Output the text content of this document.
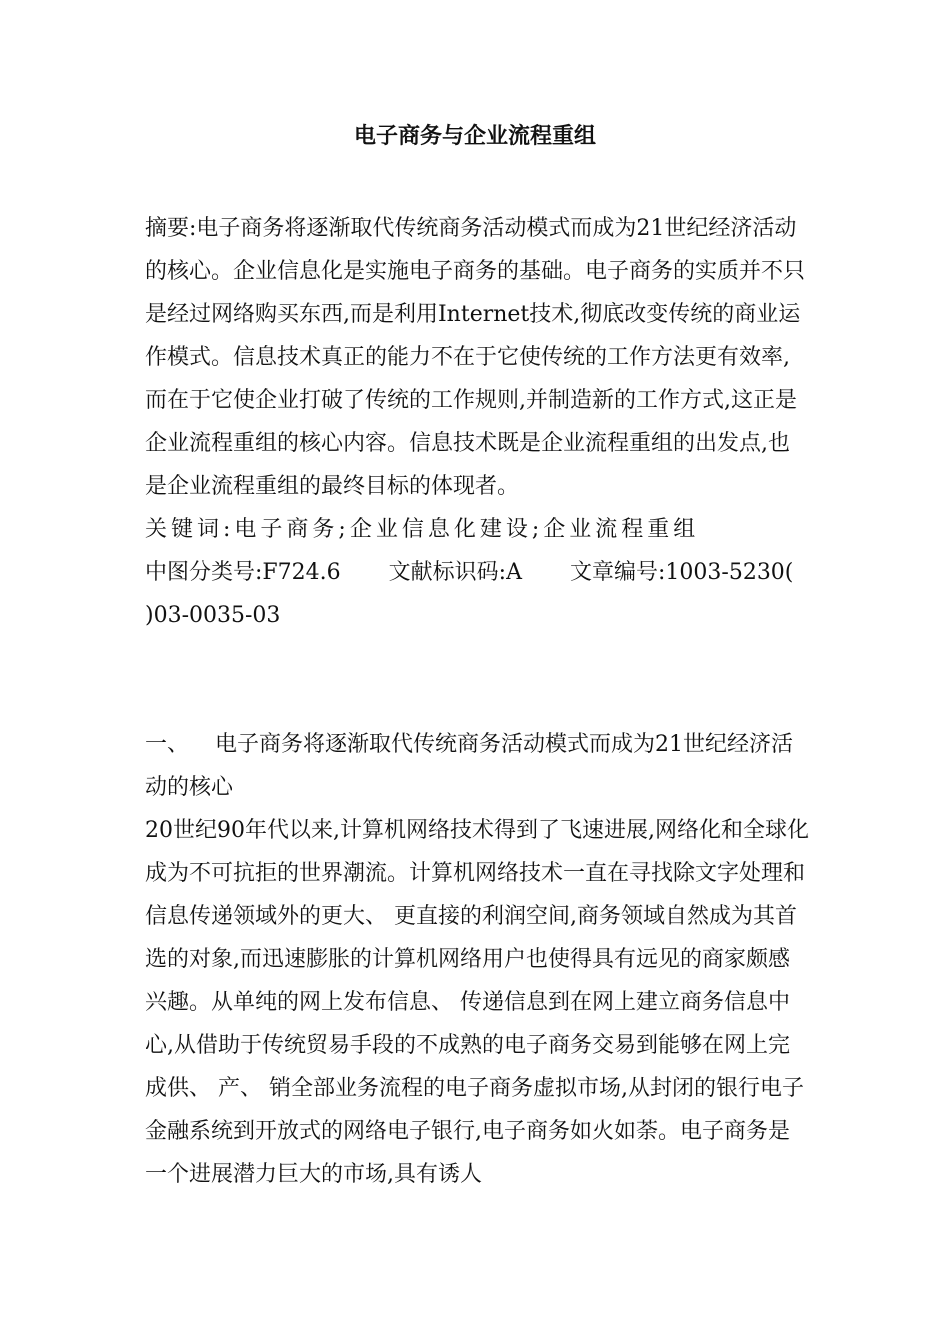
电子商务与企业流程重组

摘要:电子商务将逐渐取代传统商务活动模式而成为21世纪经济活动的核心。企业信息化是实施电子商务的基础。电子商务的实质并不只是经过网络购买东西,而是利用Internet技术,彻底改变传统的商业运作模式。信息技术真正的能力不在于它使传统的工作方法更有效率,而在于它使企业打破了传统的工作规则,并制造新的工作方式,这正是企业流程重组的核心内容。信息技术既是企业流程重组的出发点,也是企业流程重组的最终目标的体现者。

关键词:电子商务;企业信息化建设;企业流程重组

中图分类号:F724.6 文献标识码:A 文章编号:1003-5230(

)03-0035-03

一、 电子商务将逐渐取代传统商务活动模式而成为21世纪经济活动的核心

20世纪90年代以来,计算机网络技术得到了飞速进展,网络化和全球化成为不可抗拒的世界潮流。计算机网络技术一直在寻找除文字处理和信息传递领域外的更大、 更直接的利润空间,商务领域自然成为其首选的对象,而迅速膨胀的计算机网络用户也使得具有远见的商家颇感兴趣。从单纯的网上发布信息、 传递信息到在网上建立商务信息中心,从借助于传统贸易手段的不成熟的电子商务交易到能够在网上完成供、 产、 销全部业务流程的电子商务虚拟市场,从封闭的银行电子金融系统到开放式的网络电子银行,电子商务如火如荼。电子商务是一个进展潜力巨大的市场,具有诱人
